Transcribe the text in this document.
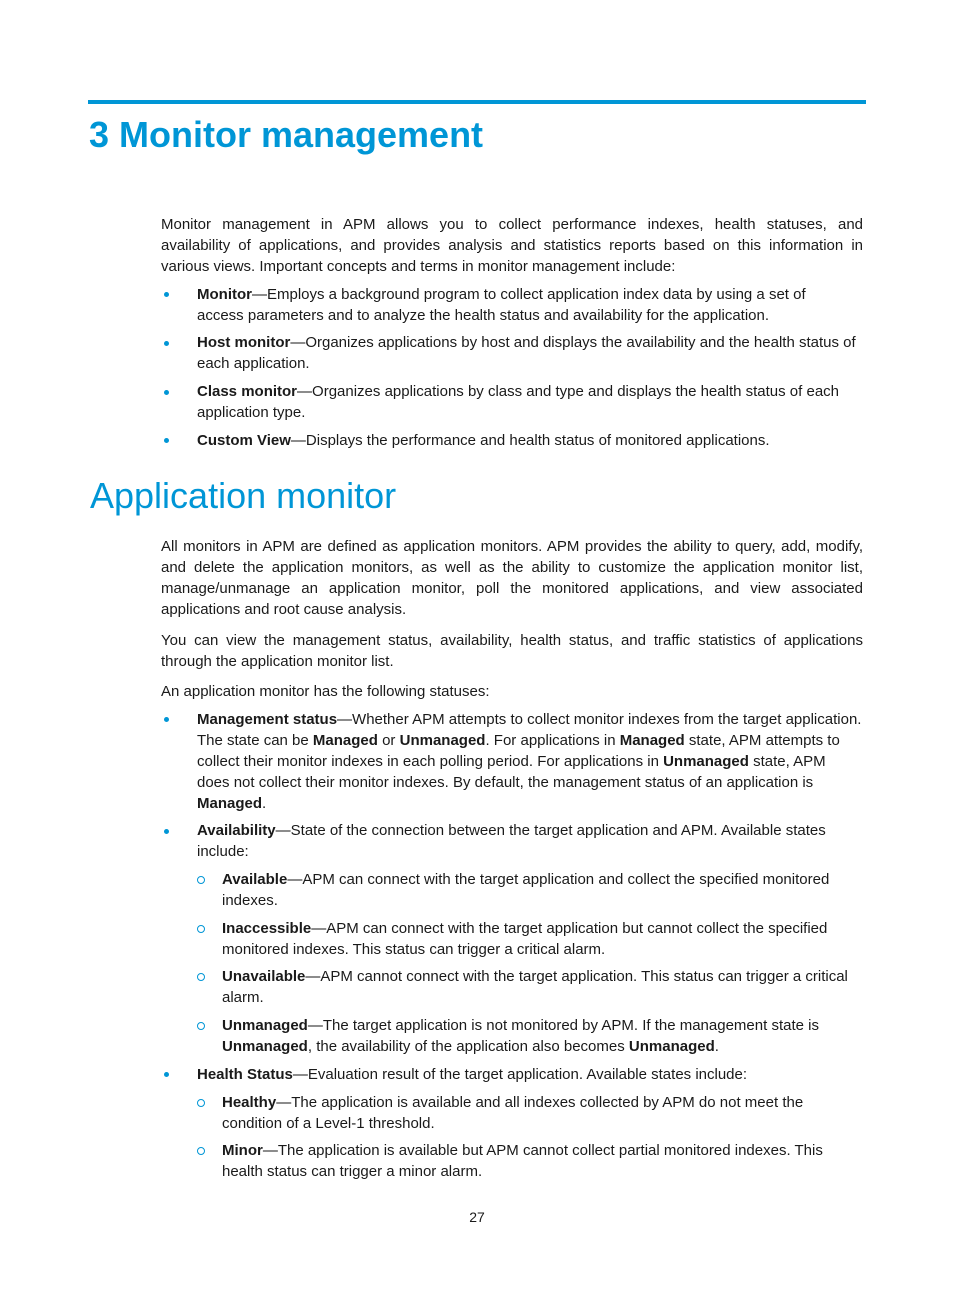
3 Monitor management
Monitor management in APM allows you to collect performance indexes, health statuses, and
availability of applications, and provides analysis and statistics reports based on this information in
various views. Important concepts and terms in monitor management include:
Monitor—Employs a background program to collect application index data by using a set of
access parameters and to analyze the health status and availability for the application.
Host monitor—Organizes applications by host and displays the availability and the health status of
each application.
Class monitor—Organizes applications by class and type and displays the health status of each
application type.
Custom View—Displays the performance and health status of monitored applications.
Application monitor
All monitors in APM are defined as application monitors. APM provides the ability to query, add, modify,
and delete the application monitors, as well as the ability to customize the application monitor list,
manage/unmanage an application monitor, poll the monitored applications, and view associated
applications and root cause analysis.
You can view the management status, availability, health status, and traffic statistics of applications
through the application monitor list.
An application monitor has the following statuses:
Management status—Whether APM attempts to collect monitor indexes from the target application.
The state can be Managed or Unmanaged. For applications in Managed state, APM attempts to
collect their monitor indexes in each polling period. For applications in Unmanaged state, APM
does not collect their monitor indexes. By default, the management status of an application is
Managed.
Availability—State of the connection between the target application and APM. Available states
include:
Available—APM can connect with the target application and collect the specified monitored
indexes.
Inaccessible—APM can connect with the target application but cannot collect the specified
monitored indexes. This status can trigger a critical alarm.
Unavailable—APM cannot connect with the target application. This status can trigger a critical
alarm.
Unmanaged—The target application is not monitored by APM. If the management state is
Unmanaged, the availability of the application also becomes Unmanaged.
Health Status—Evaluation result of the target application. Available states include:
Healthy—The application is available and all indexes collected by APM do not meet the
condition of a Level-1 threshold.
Minor—The application is available but APM cannot collect partial monitored indexes. This
health status can trigger a minor alarm.
27
